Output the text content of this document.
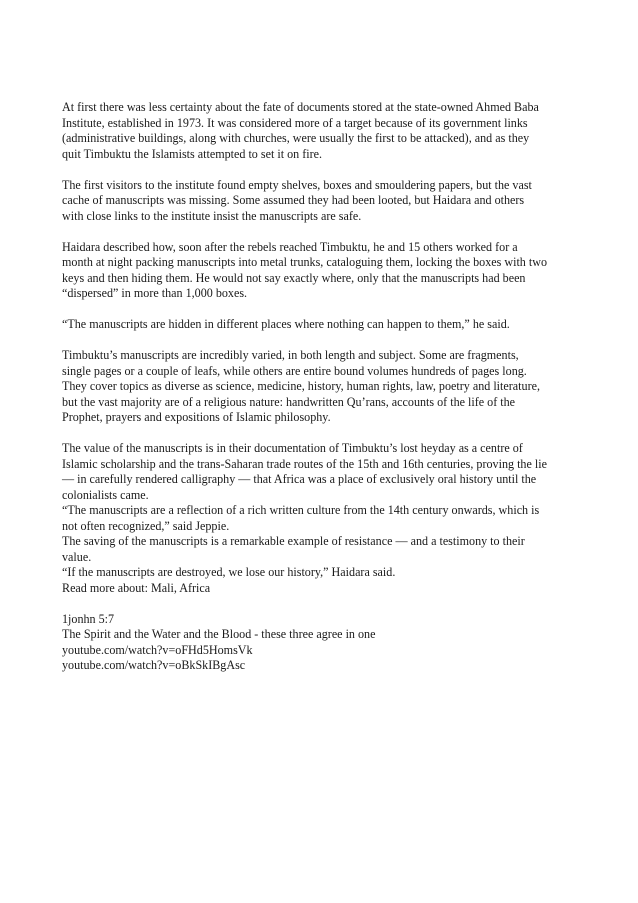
At first there was less certainty about the fate of documents stored at the state-owned Ahmed Baba
Institute, established in 1973. It was considered more of a target because of its government links
(administrative buildings, along with churches, were usually the first to be attacked), and as they
quit Timbuktu the Islamists attempted to set it on fire.

The first visitors to the institute found empty shelves, boxes and smouldering papers, but the vast
cache of manuscripts was missing. Some assumed they had been looted, but Haidara and others
with close links to the institute insist the manuscripts are safe.

Haidara described how, soon after the rebels reached Timbuktu, he and 15 others worked for a
month at night packing manuscripts into metal trunks, cataloguing them, locking the boxes with two
keys and then hiding them. He would not say exactly where, only that the manuscripts had been
“dispersed” in more than 1,000 boxes.

“The manuscripts are hidden in different places where nothing can happen to them,” he said.

Timbuktu’s manuscripts are incredibly varied, in both length and subject. Some are fragments,
single pages or a couple of leafs, while others are entire bound volumes hundreds of pages long.
They cover topics as diverse as science, medicine, history, human rights, law, poetry and literature,
but the vast majority are of a religious nature: handwritten Qu’rans, accounts of the life of the
Prophet, prayers and expositions of Islamic philosophy.

The value of the manuscripts is in their documentation of Timbuktu’s lost heyday as a centre of
Islamic scholarship and the trans-Saharan trade routes of the 15th and 16th centuries, proving the lie
— in carefully rendered calligraphy — that Africa was a place of exclusively oral history until the
colonialists came.
“The manuscripts are a reflection of a rich written culture from the 14th century onwards, which is
not often recognized,” said Jeppie.
The saving of the manuscripts is a remarkable example of resistance — and a testimony to their
value.
“If the manuscripts are destroyed, we lose our history,” Haidara said.
Read more about: Mali, Africa

1jonhn 5:7
The Spirit and the Water and the Blood - these three agree in one
youtube.com/watch?v=oFHd5HomsVk
youtube.com/watch?v=oBkSkIBgAsc
